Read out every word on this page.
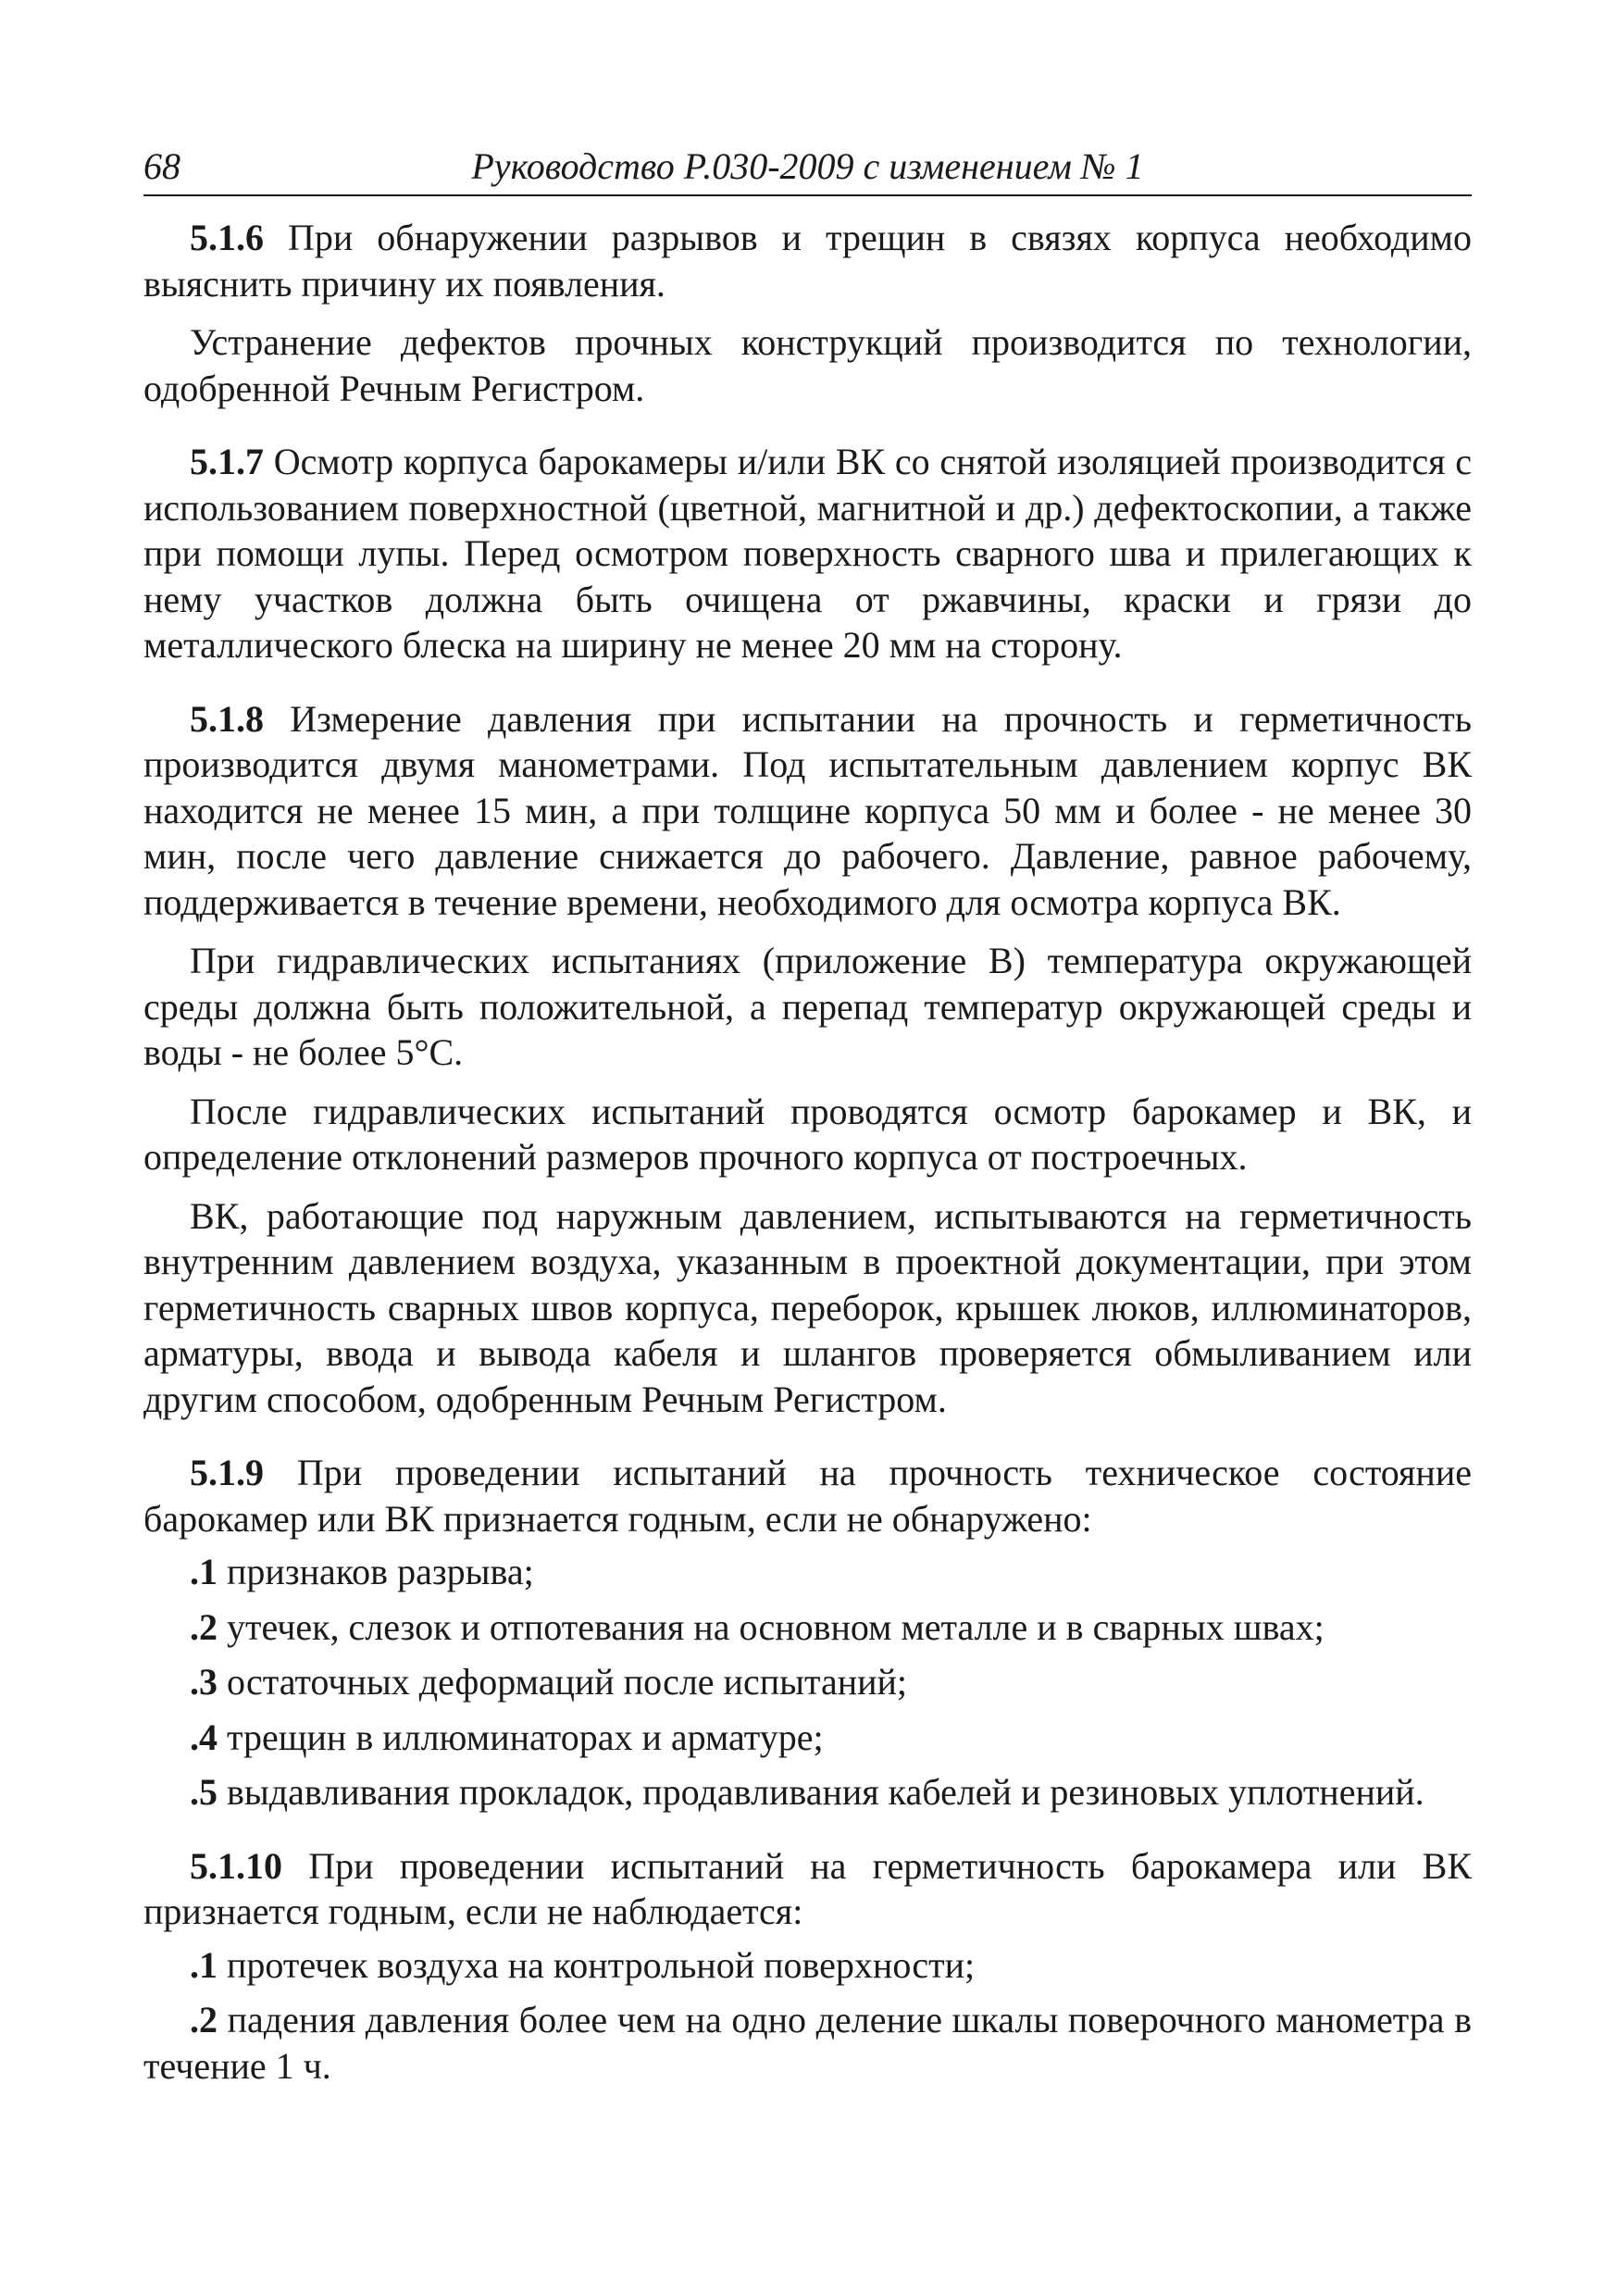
68	Руководство Р.030-2009 с изменением № 1

5.1.6 При обнаружении разрывов и трещин в связях корпуса необходимо выяснить причину их появления.

Устранение дефектов прочных конструкций производится по технологии, одобренной Речным Регистром.

5.1.7 Осмотр корпуса барокамеры и/или ВК со снятой изоляцией производится с использованием поверхностной (цветной, магнитной и др.) дефектоскопии, а также при помощи лупы. Перед осмотром поверхность сварного шва и прилегающих к нему участков должна быть очищена от ржавчины, краски и грязи до металлического блеска на ширину не менее 20 мм на сторону.

5.1.8 Измерение давления при испытании на прочность и герметичность производится двумя манометрами. Под испытательным давлением корпус ВК находится не менее 15 мин, а при толщине корпуса 50 мм и более - не менее 30 мин, после чего давление снижается до рабочего. Давление, равное рабочему, поддерживается в течение времени, необходимого для осмотра корпуса ВК.

При гидравлических испытаниях (приложение В) температура окружающей среды должна быть положительной, а перепад температур окружающей среды и воды - не более 5°С.

После гидравлических испытаний проводятся осмотр барокамер и ВК, и определение отклонений размеров прочного корпуса от построечных.

ВК, работающие под наружным давлением, испытываются на герметичность внутренним давлением воздуха, указанным в проектной документации, при этом герметичность сварных швов корпуса, переборок, крышек люков, иллюминаторов, арматуры, ввода и вывода кабеля и шлангов проверяется обмыливанием или другим способом, одобренным Речным Регистром.

5.1.9 При проведении испытаний на прочность техническое состояние барокамер или ВК признается годным, если не обнаружено:

.1 признаков разрыва;

.2 утечек, слезок и отпотевания на основном металле и в сварных швах;

.3 остаточных деформаций после испытаний;

.4 трещин в иллюминаторах и арматуре;

.5 выдавливания прокладок, продавливания кабелей и резиновых уплотнений.

5.1.10 При проведении испытаний на герметичность барокамера или ВК признается годным, если не наблюдается:

.1 протечек воздуха на контрольной поверхности;

.2 падения давления более чем на одно деление шкалы поверочного манометра в течение 1 ч.
